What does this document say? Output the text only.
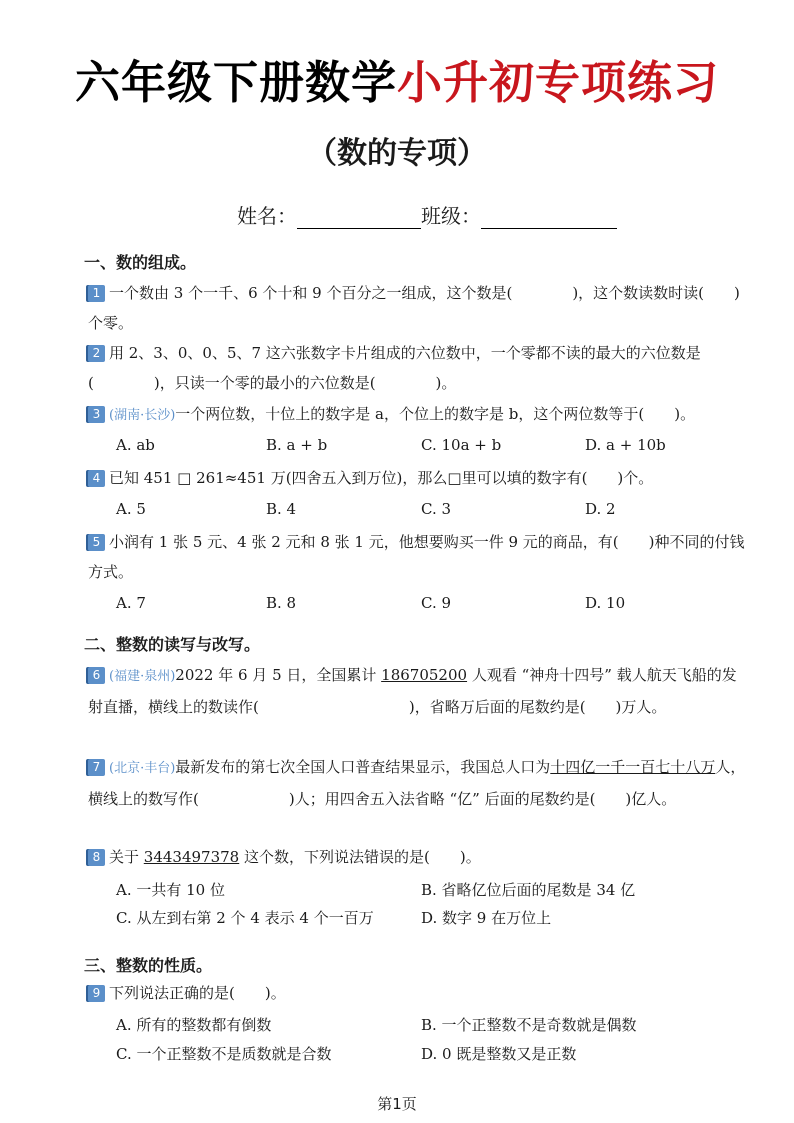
六年级下册数学小升初专项练习
（数的专项）
姓名：	班级：
一、数的组成。
1 一个数由 3 个一千、6 个十和 9 个百分之一组成，这个数是(　　　　)，这个数读数时读(　　)个零。
2 用 2、3、0、0、5、7 这六张数字卡片组成的六位数中，一个零都不读的最大的六位数是(　　　　)，只读一个零的最小的六位数是(　　　　)。
3 (湖南·长沙)一个两位数，十位上的数字是 a，个位上的数字是 b，这个两位数等于(　　)。
A. ab	B. a + b	C. 10a + b	D. a + 10b
4 已知 451 □ 261≈451 万(四舍五入到万位)，那么□里可以填的数字有(　　)个。
A. 5	B. 4	C. 3	D. 2
5 小润有 1 张 5 元、4 张 2 元和 8 张 1 元，他想要购买一件 9 元的商品，有(　　)种不同的付钱方式。
A. 7	B. 8	C. 9	D. 10
二、整数的读写与改写。
6 (福建·泉州)2022 年 6 月 5 日，全国累计 186705200 人观看 “神舟十四号” 载人航天飞船的发射直播，横线上的数读作(　　　　　　　　　　)，省略万后面的尾数约是(　　)万人。
7 (北京·丰台)最新发布的第七次全国人口普查结果显示，我国总人口为十四亿一千一百七十八万人，横线上的数写作(　　　　　　)人；用四舍五入法省略 “亿” 后面的尾数约是(　　)亿人。
8 关于 3443497378 这个数，下列说法错误的是(　　)。
A. 一共有 10 位	B. 省略亿位后面的尾数是 34 亿
C. 从左到右第 2 个 4 表示 4 个一百万	D. 数字 9 在万位上
三、整数的性质。
9 下列说法正确的是(　　)。
A. 所有的整数都有倒数	B. 一个正整数不是奇数就是偶数
C. 一个正整数不是质数就是合数	D. 0 既是整数又是正数
第1页
